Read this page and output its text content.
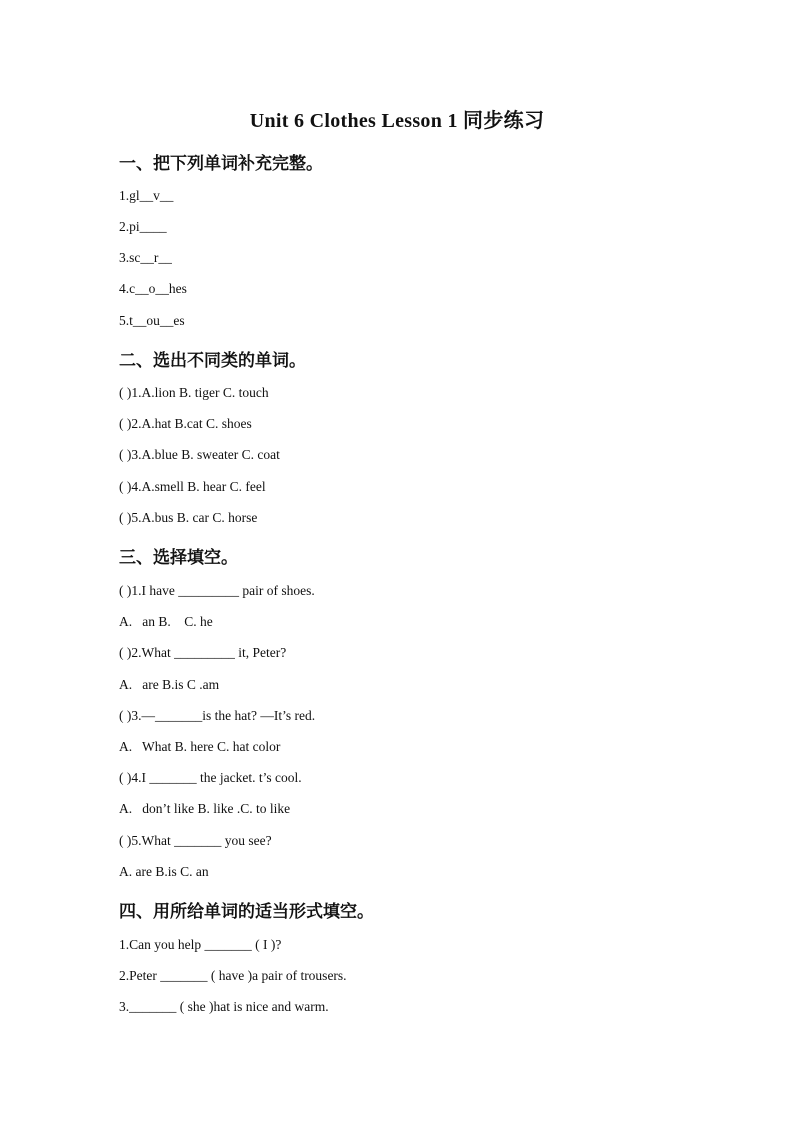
Unit 6 Clothes Lesson 1 同步练习
一、把下列单词补充完整。
1.gl__v__
2.pi____
3.sc__r__
4.c__o__hes
5.t__ou__es
二、选出不同类的单词。
( )1.A.lion B. tiger C. touch
( )2.A.hat B.cat C. shoes
( )3.A.blue B. sweater C. coat
( )4.A.smell B. hear C. feel
( )5.A.bus B. car C. horse
三、选择填空。
( )1.I have _________ pair of shoes.
A.   an B.    C. he
( )2.What _________ it, Peter?
A.   are B.is C .am
( )3.—_______is the hat? —It’s red.
A.   What B. here C. hat color
( )4.I _______ the jacket. t’s cool.
A.   don’t like B. like .C. to like
( )5.What _______ you see?
A. are B.is C. an
四、用所给单词的适当形式填空。
1.Can you help _______ ( I )?
2.Peter _______ ( have )a pair of trousers.
3._______ ( she )hat is nice and warm.
